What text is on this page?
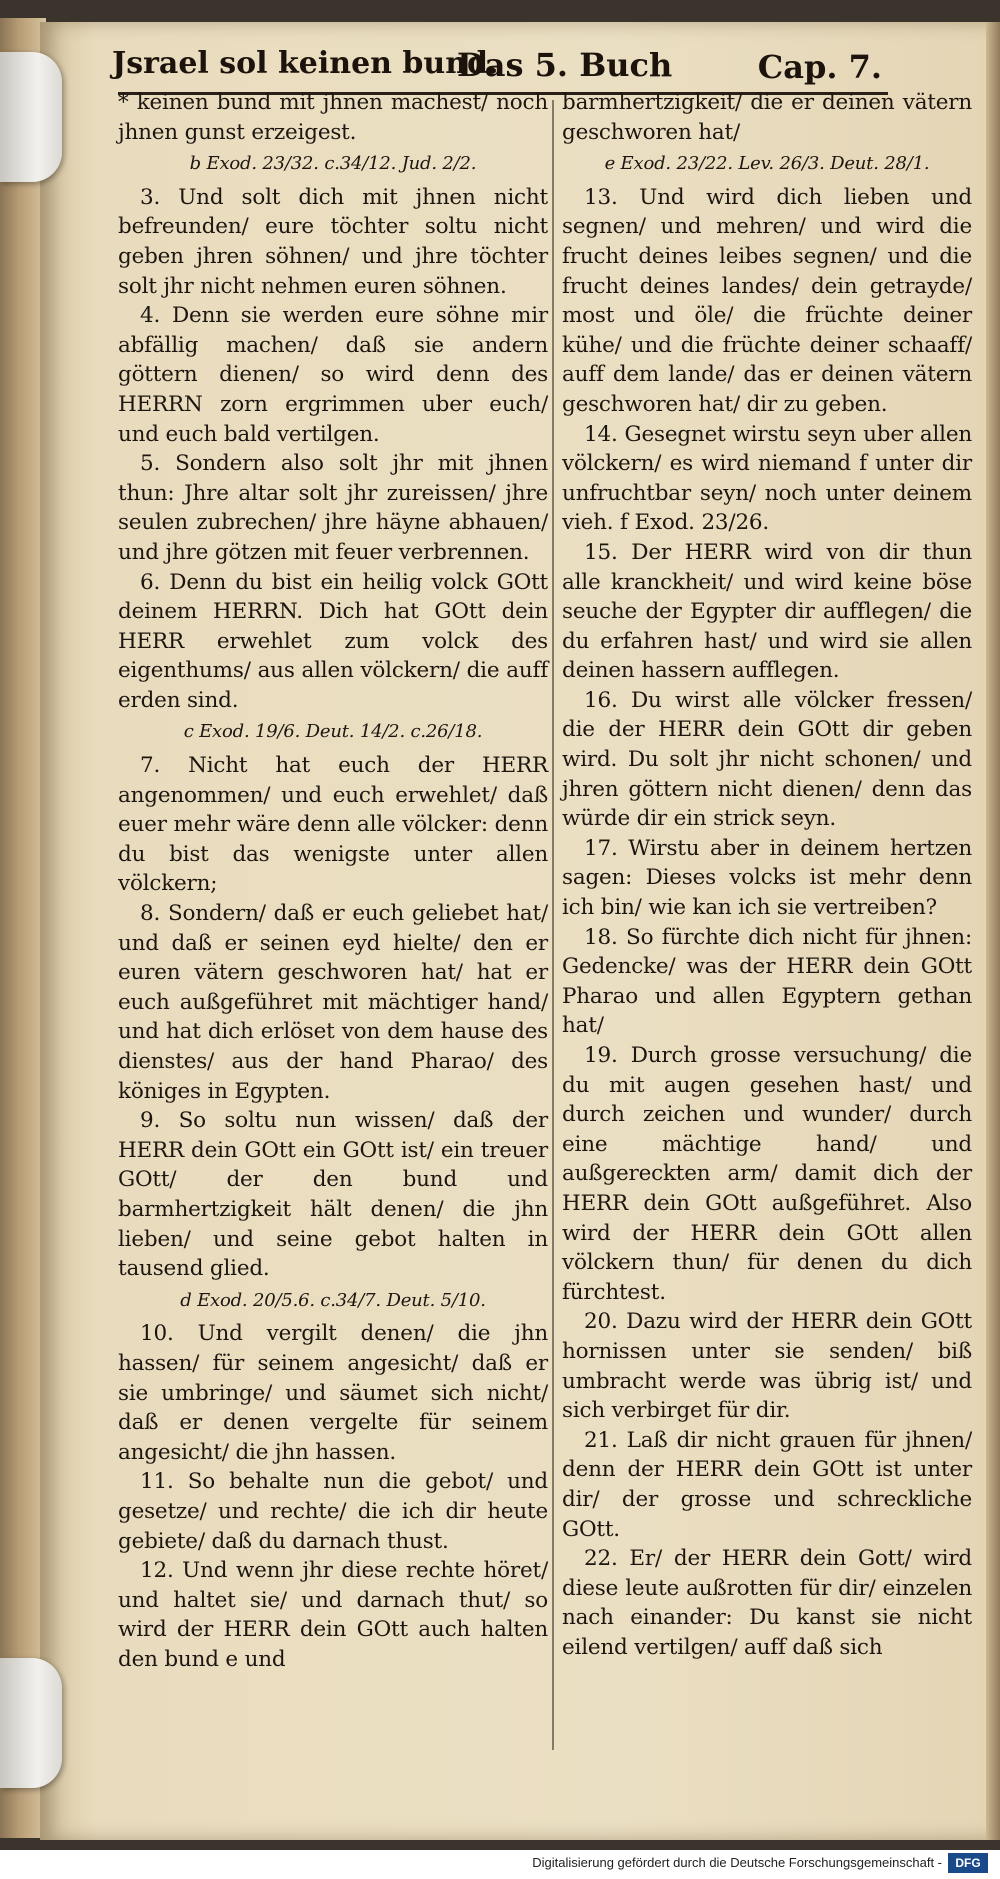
Jsrael sol keinen bund.
Das 5. Buch	Cap. 7.

* keinen bund mit jhnen machest/ noch jhnen gunst erzeigest.

b Exod. 23/32. c.34/12. Jud. 2/2.

3. Und solt dich mit jhnen nicht befreunden/ eure töchter soltu nicht geben jhren söhnen/ und jhre töchter solt jhr nicht nehmen euren söhnen.

4. Denn sie werden eure söhne mir abfällig machen/ daß sie andern göttern dienen/ so wird denn des HERRN zorn ergrimmen uber euch/ und euch bald vertilgen.

5. Sondern also solt jhr mit jhnen thun: Jhre altar solt jhr zureissen/ jhre seulen zubrechen/ jhre häyne abhauen/ und jhre götzen mit feuer verbrennen.

6. Denn du bist ein heilig volck GOtt deinem HERRN. Dich hat GOtt dein HERR erwehlet zum volck des eigenthums/ aus allen völckern/ die auff erden sind.

c Exod. 19/6. Deut. 14/2. c.26/18.

7. Nicht hat euch der HERR angenommen/ und euch erwehlet/ daß euer mehr wäre denn alle völcker: denn du bist das wenigste unter allen völckern;

8. Sondern/ daß er euch geliebet hat/ und daß er seinen eyd hielte/ den er euren vätern geschworen hat/ hat er euch außgeführet mit mächtiger hand/ und hat dich erlöset von dem hause des dienstes/ aus der hand Pharao/ des königes in Egypten.

9. So soltu nun wissen/ daß der HERR dein GOtt ein GOtt ist/ ein treuer GOtt/ der den bund und barmhertzigkeit hält denen/ die jhn lieben/ und seine gebot halten in tausend glied.

d Exod. 20/5.6. c.34/7. Deut. 5/10.

10. Und vergilt denen/ die jhn hassen/ für seinem angesicht/ daß er sie umbringe/ und säumet sich nicht/ daß er denen vergelte für seinem angesicht/ die jhn hassen.

11. So behalte nun die gebot/ und gesetze/ und rechte/ die ich dir heute gebiete/ daß du darnach thust.

12. Und wenn jhr diese rechte höret/ und haltet sie/ und darnach thut/ so wird der HERR dein GOtt auch halten den bund e und

barmhertzigkeit/ die er deinen vätern geschworen hat/

e Exod. 23/22. Lev. 26/3. Deut. 28/1.

13. Und wird dich lieben und segnen/ und mehren/ und wird die frucht deines leibes segnen/ und die frucht deines landes/ dein getrayde/ most und öle/ die früchte deiner kühe/ und die früchte deiner schaaff/ auff dem lande/ das er deinen vätern geschworen hat/ dir zu geben.

14. Gesegnet wirstu seyn uber allen völckern/ es wird niemand f unter dir unfruchtbar seyn/ noch unter deinem vieh. f Exod. 23/26.

15. Der HERR wird von dir thun alle kranckheit/ und wird keine böse seuche der Egypter dir aufflegen/ die du erfahren hast/ und wird sie allen deinen hassern aufflegen.

16. Du wirst alle völcker fressen/ die der HERR dein GOtt dir geben wird. Du solt jhr nicht schonen/ und jhren göttern nicht dienen/ denn das würde dir ein strick seyn.

17. Wirstu aber in deinem hertzen sagen: Dieses volcks ist mehr denn ich bin/ wie kan ich sie vertreiben?

18. So fürchte dich nicht für jhnen: Gedencke/ was der HERR dein GOtt Pharao und allen Egyptern gethan hat/

19. Durch grosse versuchung/ die du mit augen gesehen hast/ und durch zeichen und wunder/ durch eine mächtige hand/ und außgereckten arm/ damit dich der HERR dein GOtt außgeführet. Also wird der HERR dein GOtt allen völckern thun/ für denen du dich fürchtest.

20. Dazu wird der HERR dein GOtt hornissen unter sie senden/ biß umbracht werde was übrig ist/ und sich verbirget für dir.

21. Laß dir nicht grauen für jhnen/ denn der HERR dein GOtt ist unter dir/ der grosse und schreckliche GOtt.

22. Er/ der HERR dein Gott/ wird diese leute außrotten für dir/ einzelen nach einander: Du kanst sie nicht eilend vertilgen/ auff daß sich

Digitalisierung gefördert durch die Deutsche Forschungsgemeinschaft -	DFG
